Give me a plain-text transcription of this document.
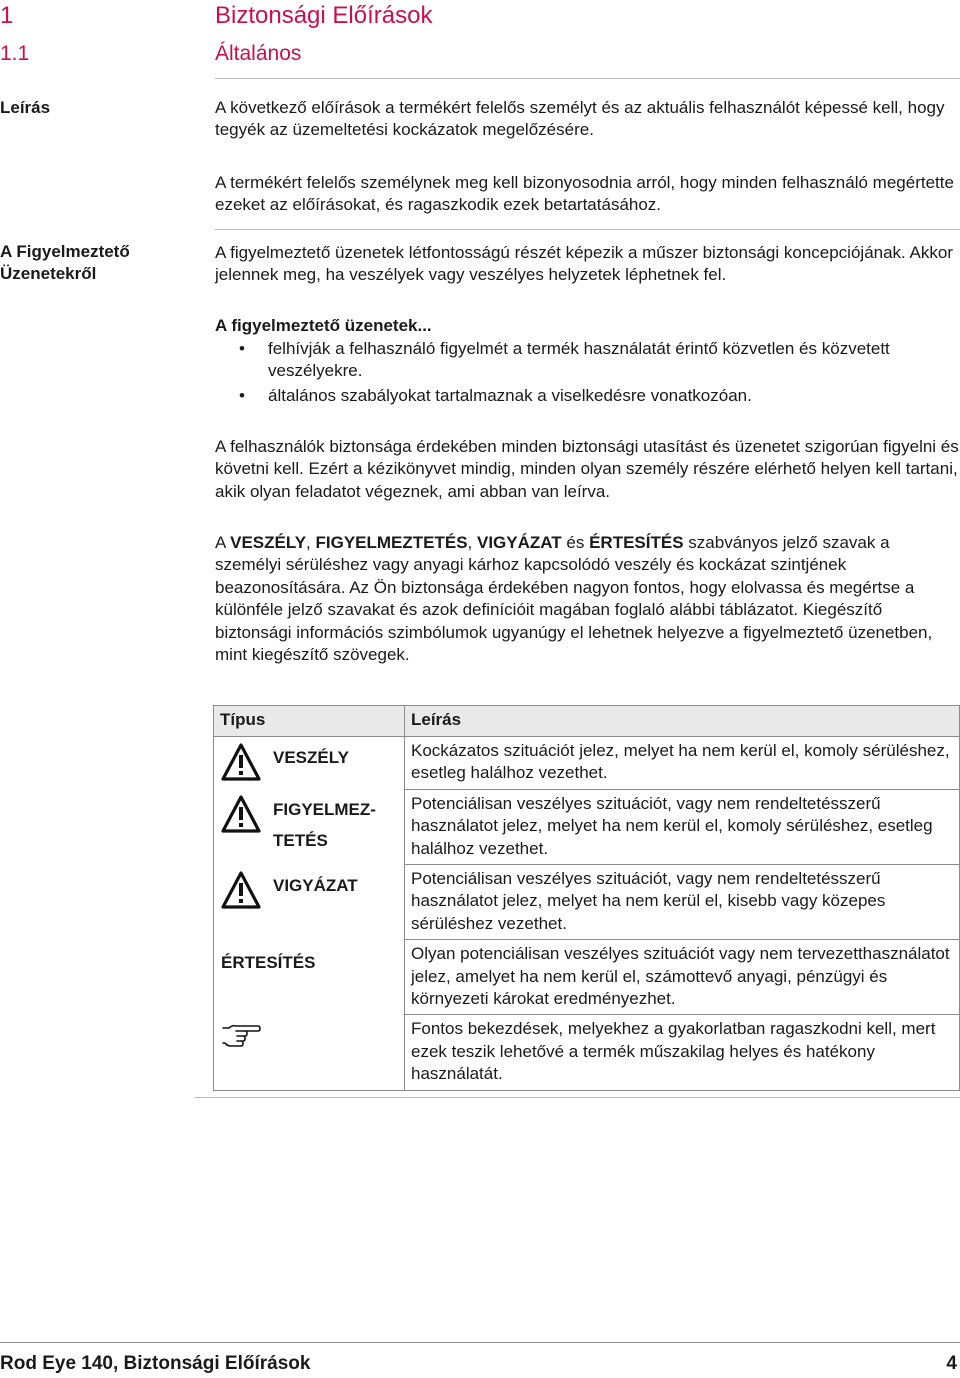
1	Biztonsági Előírások
1.1	Általános
Leírás	A következő előírások a termékért felelős személyt és az aktuális felhasználót képessé kell, hogy tegyék az üzemeltetési kockázatok megelőzésére.

A termékért felelős személynek meg kell bizonyosodnia arról, hogy minden felhasználó megértette ezeket az előírásokat, és ragaszkodik ezek betartatásához.

A Figyelmeztető
Üzenetekről

A figyelmeztető üzenetek létfontosságú részét képezik a műszer biztonsági koncepciójának. Akkor jelennek meg, ha veszélyek vagy veszélyes helyzetek léphetnek fel.

A figyelmeztető üzenetek...

• felhívják a felhasználó figyelmét a termék használatát érintő közvetlen és közvetett veszélyekre.
• általános szabályokat tartalmaznak a viselkedésre vonatkozóan.

A felhasználók biztonsága érdekében minden biztonsági utasítást és üzenetet szigorúan figyelni és követni kell. Ezért a kézikönyvet mindig, minden olyan személy részére elérhető helyen kell tartani, akik olyan feladatot végeznek, ami abban van leírva.

A VESZÉLY, FIGYELMEZTETÉS, VIGYÁZAT és ÉRTESÍTÉS szabványos jelző szavak a személyi sérüléshez vagy anyagi kárhoz kapcsolódó veszély és kockázat szintjének beazonosítására. Az Ön biztonsága érdekében nagyon fontos, hogy elolvassa és megértse a különféle jelző szavakat és azok definícióit magában foglaló alábbi táblázatot. Kiegészítő biztonsági információs szimbólumok ugyanúgy el lehetnek helyezve a figyelmeztető üzenetben, mint kiegészítő szövegek.

Típus	Leírás

VESZÉLY	Kockázatos szituációt jelez, melyet ha nem kerül el, komoly sérüléshez, esetleg halálhoz vezethet.

FIGYELMEZ-
TETÉS	Potenciálisan veszélyes szituációt, vagy nem rendeltetésszerű használatot jelez, melyet ha nem kerül el, komoly sérüléshez, esetleg halálhoz vezethet.

VIGYÁZAT	Potenciálisan veszélyes szituációt, vagy nem rendeltetésszerű használatot jelez, melyet ha nem kerül el, kisebb vagy közepes sérüléshez vezethet.

ÉRTESÍTÉS	Olyan potenciálisan veszélyes szituációt vagy nem tervezetthasználatot jelez, amelyet ha nem kerül el, számottevő anyagi, pénzügyi és környezeti károkat eredményezhet.

	Fontos bekezdések, melyekhez a gyakorlatban ragaszkodni kell, mert ezek teszik lehetővé a termék műszakilag helyes és hatékony használatát.
Rod Eye 140, Biztonsági Előírások	4
